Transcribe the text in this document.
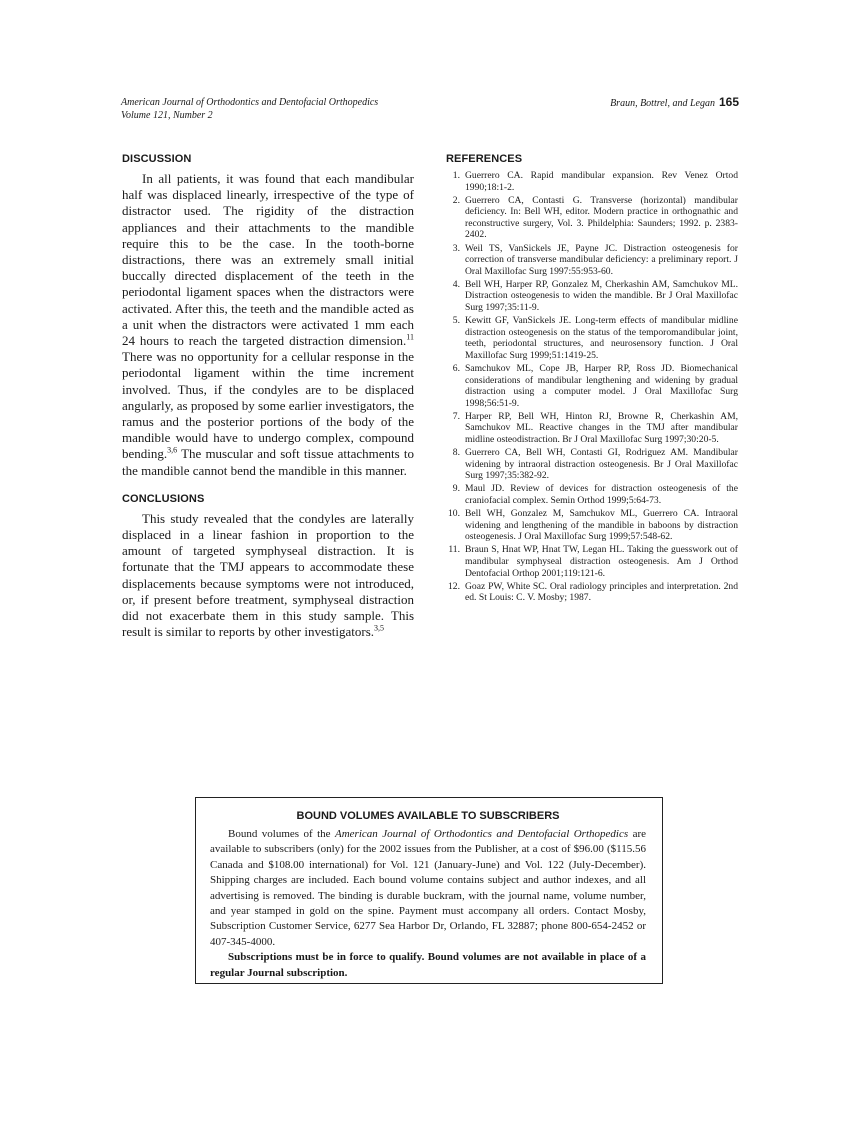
American Journal of Orthodontics and Dentofacial Orthopedics
Volume 121, Number 2
Braun, Bottrel, and Legan 165
DISCUSSION

In all patients, it was found that each mandibular half was displaced linearly, irrespective of the type of distractor used. The rigidity of the distraction appliances and their attachments to the mandible require this to be the case. In the tooth-borne distractions, there was an extremely small initial buccally directed displacement of the teeth in the periodontal ligament spaces when the distractors were activated. After this, the teeth and the mandible acted as a unit when the distractors were activated 1 mm each 24 hours to reach the targeted distraction dimension.$^{11}$ There was no opportunity for a cellular response in the periodontal ligament within the time increment involved. Thus, if the condyles are to be displaced angularly, as proposed by some earlier investigators, the ramus and the posterior portions of the body of the mandible would have to undergo complex, compound bending.$^{3,6}$ The muscular and soft tissue attachments to the mandible cannot bend the mandible in this manner.

CONCLUSIONS

This study revealed that the condyles are laterally displaced in a linear fashion in proportion to the amount of targeted symphyseal distraction. It is fortunate that the TMJ appears to accommodate these displacements because symptoms were not introduced, or, if present before treatment, symphyseal distraction did not exacerbate them in this study sample. This result is similar to reports by other investigators.$^{3,5}$

REFERENCES
1. Guerrero CA. Rapid mandibular expansion. Rev Venez Ortod 1990;18:1-2.
2. Guerrero CA, Contasti G. Transverse (horizontal) mandibular deficiency. In: Bell WH, editor. Modern practice in orthognathic and reconstructive surgery, Vol. 3. Phildelphia: Saunders; 1992. p. 2383-2402.
3. Weil TS, VanSickels JE, Payne JC. Distraction osteogenesis for correction of transverse mandibular deficiency: a preliminary report. J Oral Maxillofac Surg 1997:55:953-60.
4. Bell WH, Harper RP, Gonzalez M, Cherkashin AM, Samchukov ML. Distraction osteogenesis to widen the mandible. Br J Oral Maxillofac Surg 1997;35:11-9.
5. Kewitt GF, VanSickels JE. Long-term effects of mandibular midline distraction osteogenesis on the status of the temporomandibular joint, teeth, periodontal structures, and neurosensory function. J Oral Maxillofac Surg 1999;51:1419-25.
6. Samchukov ML, Cope JB, Harper RP, Ross JD. Biomechanical considerations of mandibular lengthening and widening by gradual distraction using a computer model. J Oral Maxillofac Surg 1998;56:51-9.
7. Harper RP, Bell WH, Hinton RJ, Browne R, Cherkashin AM, Samchukov ML. Reactive changes in the TMJ after mandibular midline osteodistraction. Br J Oral Maxillofac Surg 1997;30:20-5.
8. Guerrero CA, Bell WH, Contasti GI, Rodriguez AM. Mandibular widening by intraoral distraction osteogenesis. Br J Oral Maxillofac Surg 1997;35:382-92.
9. Maul JD. Review of devices for distraction osteogenesis of the craniofacial complex. Semin Orthod 1999;5:64-73.
10. Bell WH, Gonzalez M, Samchukov ML, Guerrero CA. Intraoral widening and lengthening of the mandible in baboons by distraction osteogenesis. J Oral Maxillofac Surg 1999;57:548-62.
11. Braun S, Hnat WP, Hnat TW, Legan HL. Taking the guesswork out of mandibular symphyseal distraction osteogenesis. Am J Orthod Dentofacial Orthop 2001;119:121-6.
12. Goaz PW, White SC. Oral radiology principles and interpretation. 2nd ed. St Louis: C. V. Mosby; 1987.
BOUND VOLUMES AVAILABLE TO SUBSCRIBERS

Bound volumes of the American Journal of Orthodontics and Dentofacial Orthopedics are available to subscribers (only) for the 2002 issues from the Publisher, at a cost of $96.00 ($115.56 Canada and $108.00 international) for Vol. 121 (January-June) and Vol. 122 (July-December). Shipping charges are included. Each bound volume contains subject and author indexes, and all advertising is removed. The binding is durable buckram, with the journal name, volume number, and year stamped in gold on the spine. Payment must accompany all orders. Contact Mosby, Subscription Customer Service, 6277 Sea Harbor Dr, Orlando, FL 32887; phone 800-654-2452 or 407-345-4000.

Subscriptions must be in force to qualify. Bound volumes are not available in place of a regular Journal subscription.
